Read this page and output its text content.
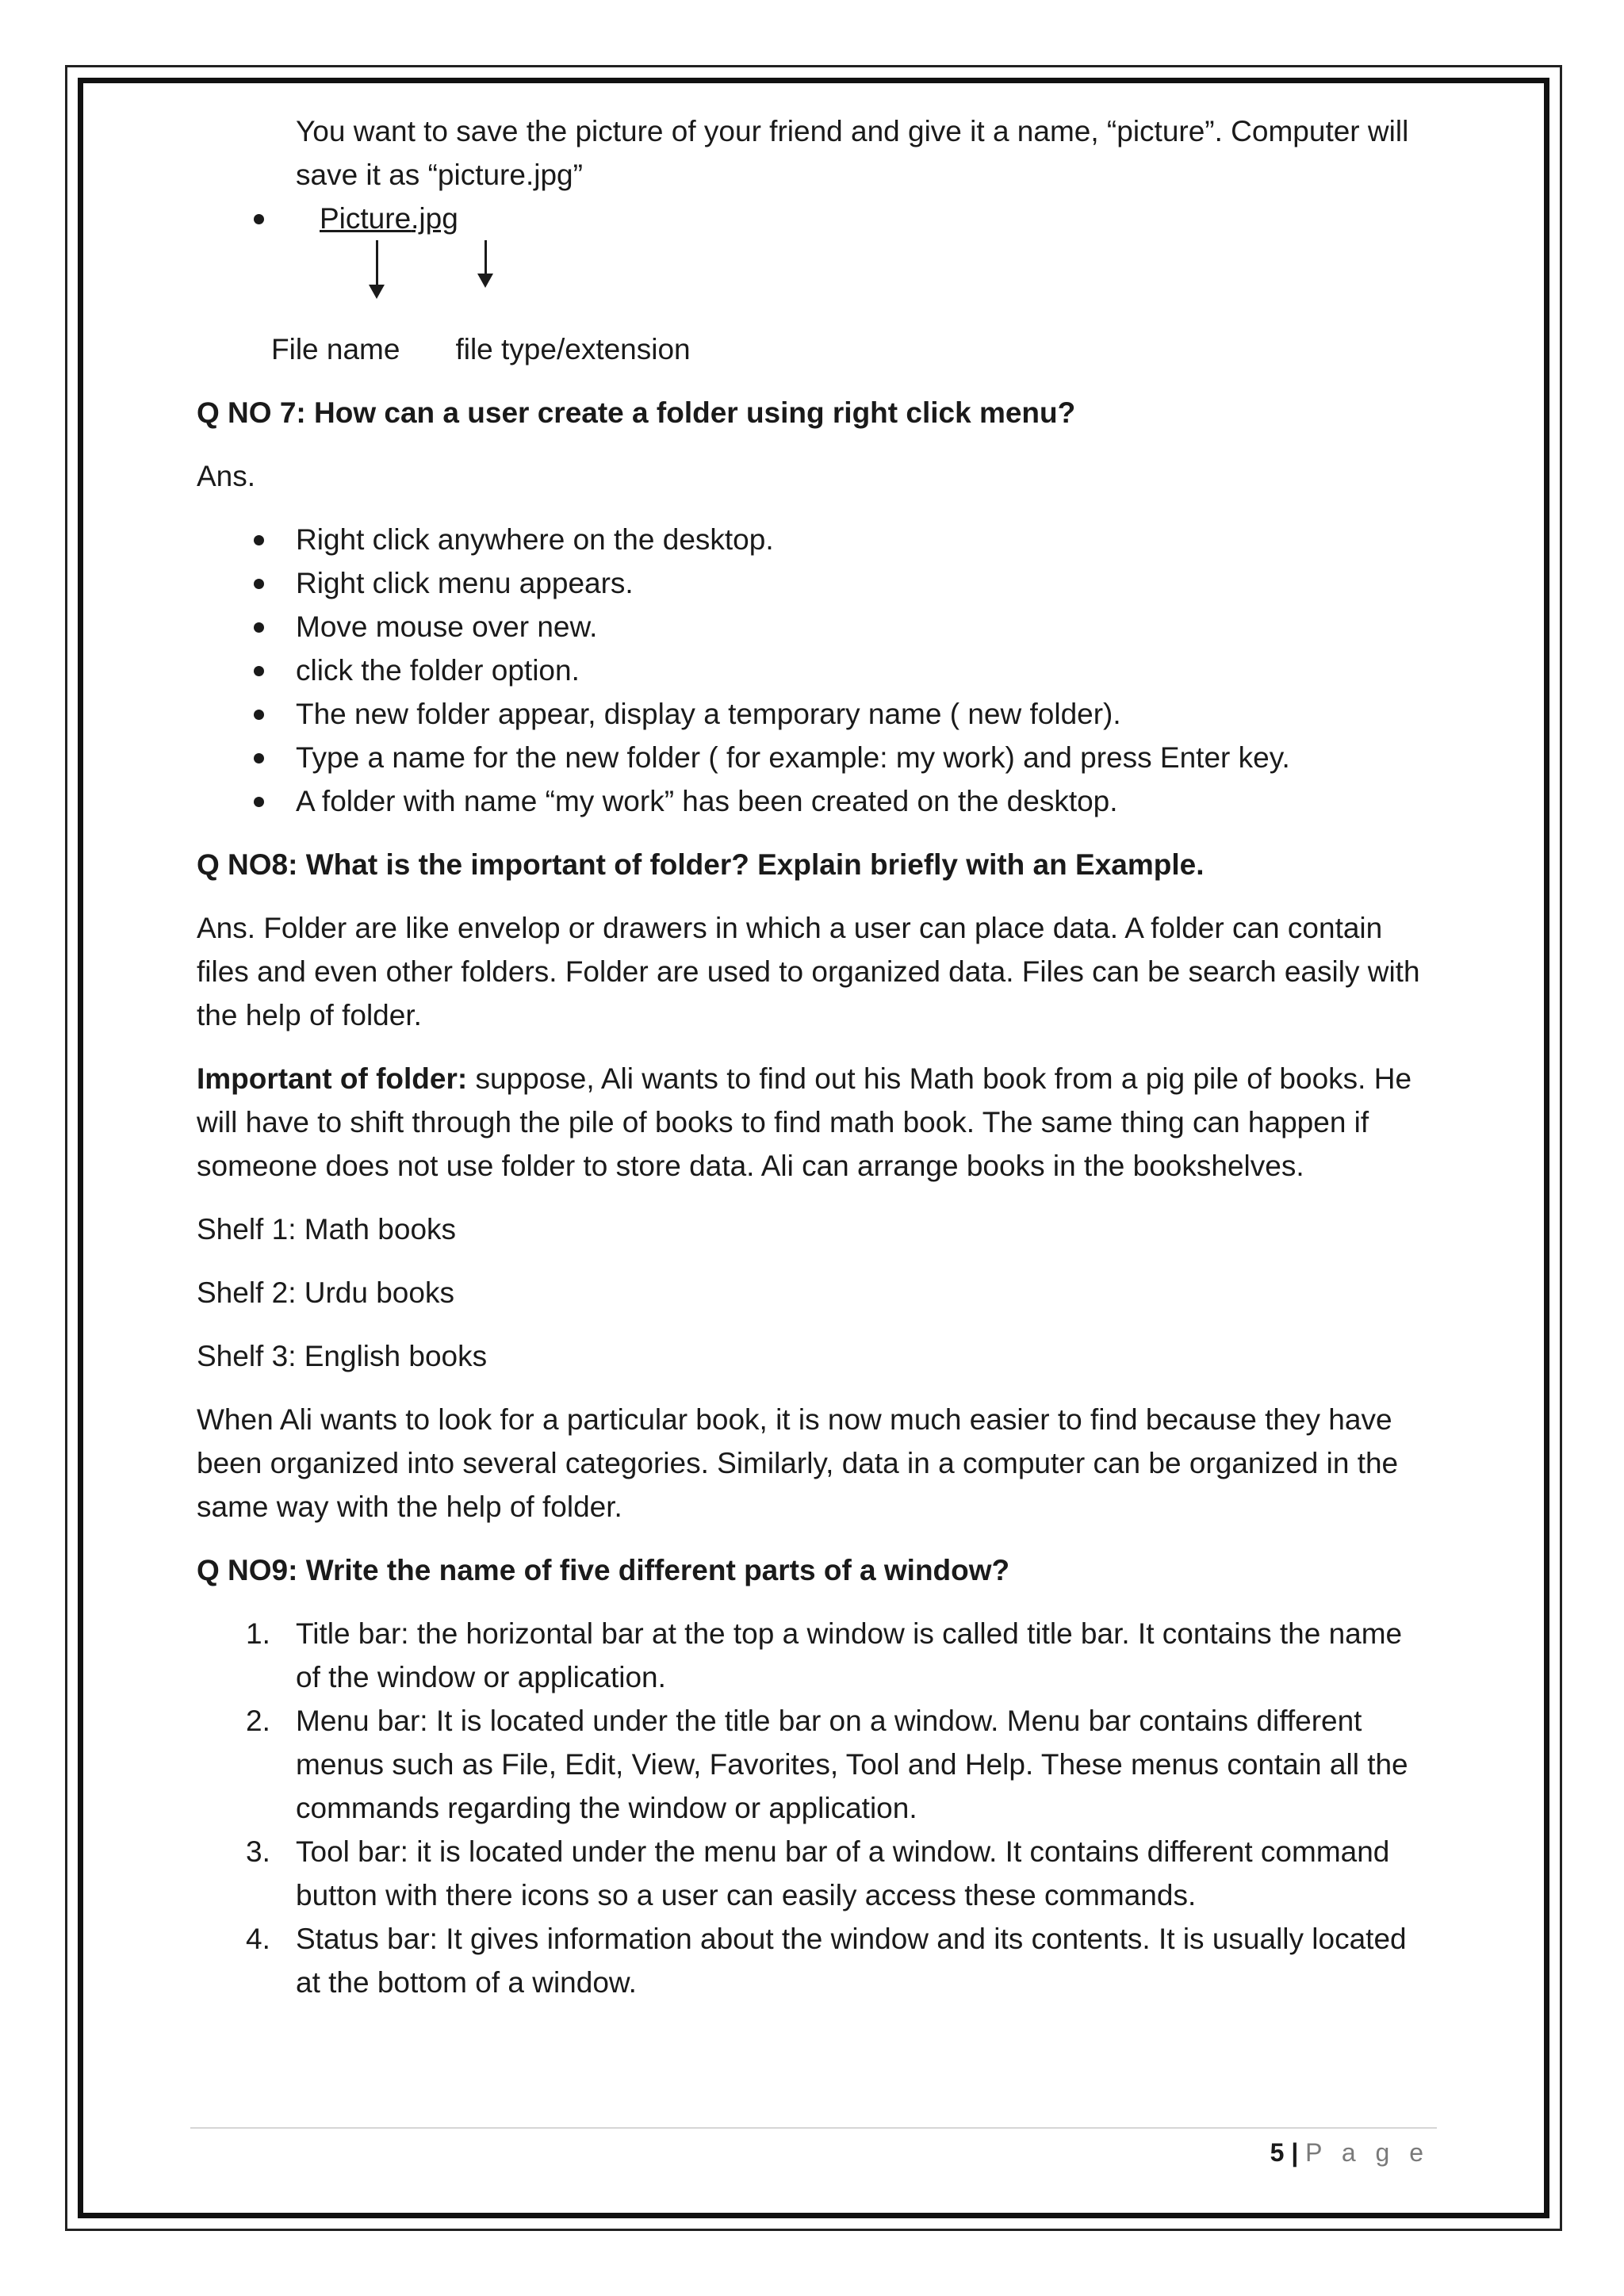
You want to save the picture of your friend and give it a name, “picture”. Computer will save it as “picture.jpg”

Picture.jpg

File name file type/extension

Q NO 7: How can a user create a folder using right click menu?

Ans.

Right click anywhere on the desktop.
Right click menu appears.
Move mouse over new.
click the folder option.
The new folder appear, display a temporary name ( new folder).
Type a name for the new folder ( for example: my work) and press Enter key.
A folder with name “my work” has been created on the desktop.

Q NO8: What is the important of folder? Explain briefly with an Example.

Ans. Folder are like envelop or drawers in which a user can place data. A folder can contain files and even other folders. Folder are used to organized data. Files can be search easily with the help of folder.

Important of folder: suppose, Ali wants to find out his Math book from a pig pile of books. He will have to shift through the pile of books to find math book. The same thing can happen if someone does not use folder to store data. Ali can arrange books in the bookshelves.

Shelf 1: Math books

Shelf 2: Urdu books

Shelf 3: English books

When Ali wants to look for a particular book, it is now much easier to find because they have been organized into several categories. Similarly, data in a computer can be organized in the same way with the help of folder.

Q NO9: Write the name of five different parts of a window?

1. Title bar: the horizontal bar at the top a window is called title bar. It contains the name of the window or application.
2. Menu bar: It is located under the title bar on a window. Menu bar contains different menus such as File, Edit, View, Favorites, Tool and Help. These menus contain all the commands regarding the window or application.
3. Tool bar: it is located under the menu bar of a window. It contains different command button with there icons so a user can easily access these commands.
4. Status bar: It gives information about the window and its contents. It is usually located at the bottom of a window.
5 | P a g e
